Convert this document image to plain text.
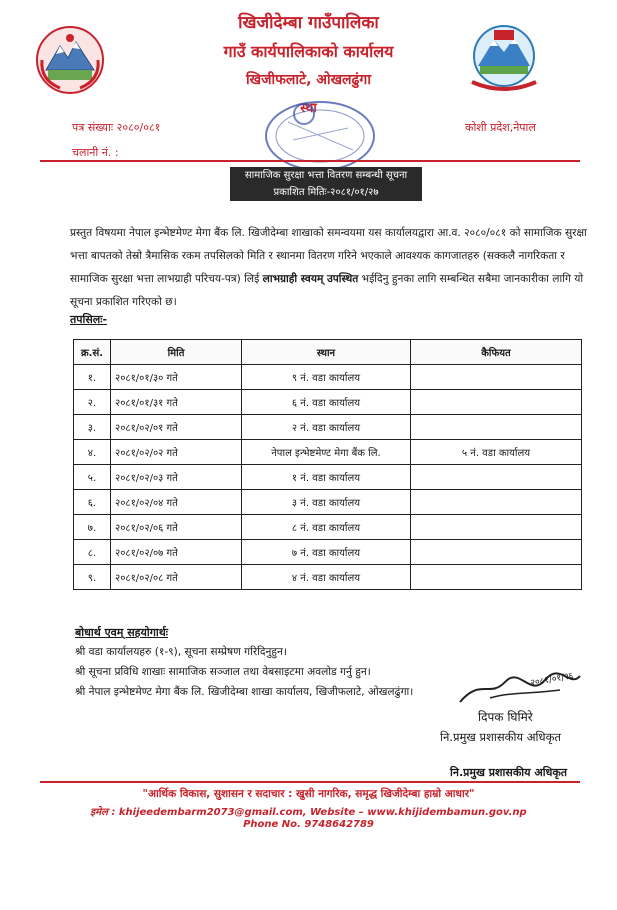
खिजीदेम्बा गाउँपालिका
गाउँ कार्यपालिकाको कार्यालय
खिजीफलाटे, ओखलढुंगा
स्था
पत्र संख्याः २०८०/०८१
चलानी नं. :
कोशी प्रदेश,नेपाल
सामाजिक सुरक्षा भत्ता वितरण सम्बन्धी सूचना
प्रकाशित मितिः-२०८१/०१/२७
प्रस्तुत विषयमा नेपाल इन्भेष्टमेण्ट मेगा बैंक लि. खिजीदेम्बा शाखाको समन्वयमा यस कार्यालयद्वारा आ.व. २०८०/०८१ को सामाजिक सुरक्षा भत्ता बापतको तेस्रो त्रैमासिक रकम तपसिलको मिति र स्थानमा वितरण गरिने भएकाले आवश्यक कागजातहरु (सक्कलै नागरिकता र सामाजिक सुरक्षा भत्ता लाभग्राही परिचय-पत्र) लिई लाभग्राही स्वयम् उपस्थित भईदिनु हुनका लागि सम्बन्धित सबैमा जानकारीका लागि यो सूचना प्रकाशित गरिएको छ।
तपसिलः-
क्र.सं.	मिति	स्थान	कैफियत
१.	२०८१/०१/३० गते	९ नं. वडा कार्यालय	
२.	२०८१/०१/३१ गते	६ नं. वडा कार्यालय	
३.	२०८१/०२/०१ गते	२ नं. वडा कार्यालय	
४.	२०८१/०२/०२ गते	नेपाल इन्भेष्टमेण्ट मेगा बैंक लि.	५ नं. वडा कार्यालय
५.	२०८१/०२/०३ गते	१ नं. वडा कार्यालय	
६.	२०८१/०२/०४ गते	३ नं. वडा कार्यालय	
७.	२०८१/०२/०६ गते	८ नं. वडा कार्यालय	
८.	२०८१/०२/०७ गते	७ नं. वडा कार्यालय	
९.	२०८१/०२/०८ गते	४ नं. वडा कार्यालय	
बोधार्थ एवम् सहयोगार्थः
श्री वडा कार्यालयहरु (१-९), सूचना सम्प्रेषण गरिदिनुहुन।
श्री सूचना प्रविधि शाखाः सामाजिक सञ्जाल तथा वेबसाइटमा अवलोड गर्नु हुन।
श्री नेपाल इन्भेष्टमेण्ट मेगा बैंक लि. खिजीदेम्बा शाखा कार्यालय, खिजीफलाटे, ओखलढुंगा।
२०८१/०१/२६
दिपक घिमिरे
नि.प्रमुख प्रशासकीय अधिकृत
नि.प्रमुख प्रशासकीय अधिकृत
"आर्थिक विकास, सुशासन र सदाचार : खुसी नागरिक, समृद्ध खिजीदेम्बा हाम्रो आधार"
इमेल : khijeedembarm2073@gmail.com, Website – www.khijidembamun.gov.np
Phone No. 9748642789
